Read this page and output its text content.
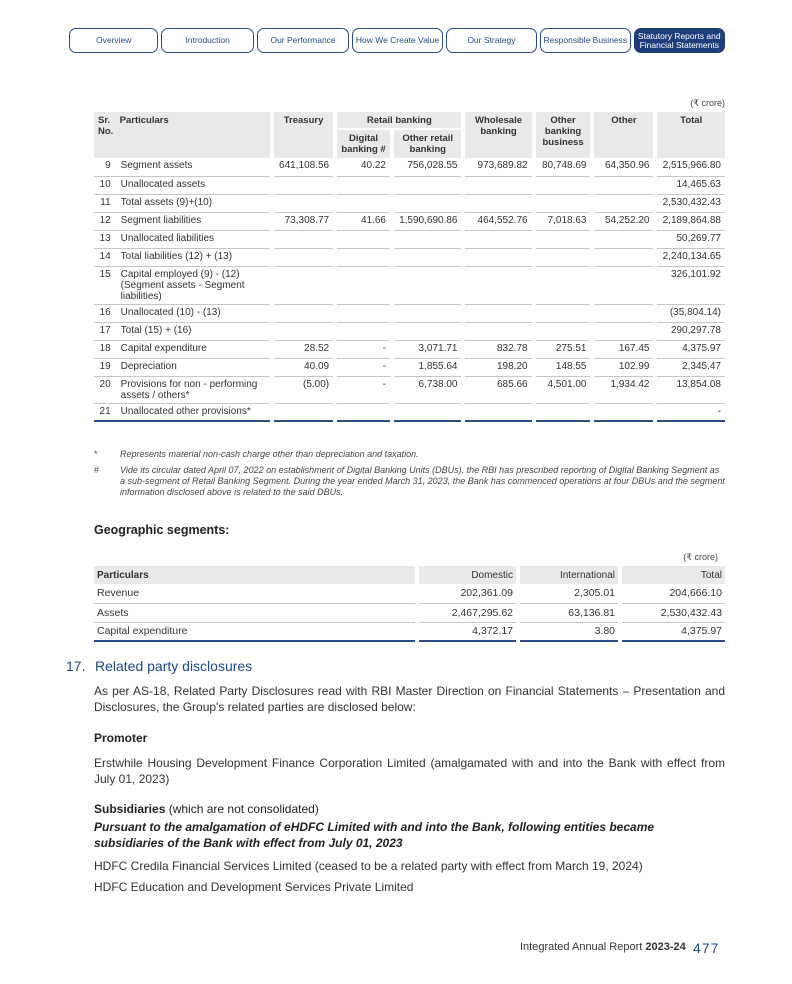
Overview	Introduction	Our Performance	How We Create Value	Our Strategy	Responsible Business	Statutory Reports and Financial Statements
(₹ crore)
Sr. No.	Particulars	Treasury	Retail banking		Wholesale banking	Other banking business	Other	Total
			Digital banking #	Other retail banking				
9	Segment assets	641,108.56	40.22	756,028.55	973,689.82	80,748.69	64,350.96	2,515,966.80
10	Unallocated assets							14,465.63
11	Total assets (9)+(10)							2,530,432.43
12	Segment liabilities	73,308.77	41.66	1,590,690.86	464,552.76	7,018.63	54,252.20	2,189,864.88
13	Unallocated liabilities							50,269.77
14	Total liabilities (12) + (13)							2,240,134.65
15	Capital employed (9) - (12) (Segment assets - Segment liabilities)							326,101.92
16	Unallocated (10) - (13)							(35,804.14)
17	Total (15) + (16)							290,297.78
18	Capital expenditure	28.52	-	3,071.71	832.78	275.51	167.45	4,375.97
19	Depreciation	40.09	-	1,855.64	198.20	148.55	102.99	2,345.47
20	Provisions for non - performing assets / others*	(5.00)	-	6,738.00	685.66	4,501.00	1,934.42	13,854.08
21	Unallocated other provisions*							-
*	Represents material non-cash charge other than depreciation and taxation.
#	Vide its circular dated April 07, 2022 on establishment of Digital Banking Units (DBUs), the RBI has prescribed reporting of Digital Banking Segment as a sub-segment of Retail Banking Segment. During the year ended March 31, 2023, the Bank has commenced operations at four DBUs and the segment information disclosed above is related to the said DBUs.
Geographic segments:
(₹ crore)
Particulars	Domestic	International	Total
Revenue	202,361.09	2,305.01	204,666.10
Assets	2,467,295.62	63,136.81	2,530,432.43
Capital expenditure	4,372.17	3.80	4,375.97
17. Related party disclosures
As per AS-18, Related Party Disclosures read with RBI Master Direction on Financial Statements – Presentation and Disclosures, the Group's related parties are disclosed below:
Promoter
Erstwhile Housing Development Finance Corporation Limited (amalgamated with and into the Bank with effect from July 01, 2023)
Subsidiaries (which are not consolidated)
Pursuant to the amalgamation of eHDFC Limited with and into the Bank, following entities became subsidiaries of the Bank with effect from July 01, 2023
HDFC Credila Financial Services Limited (ceased to be a related party with effect from March 19, 2024)
HDFC Education and Development Services Private Limited
Integrated Annual Report 2023-24 477
